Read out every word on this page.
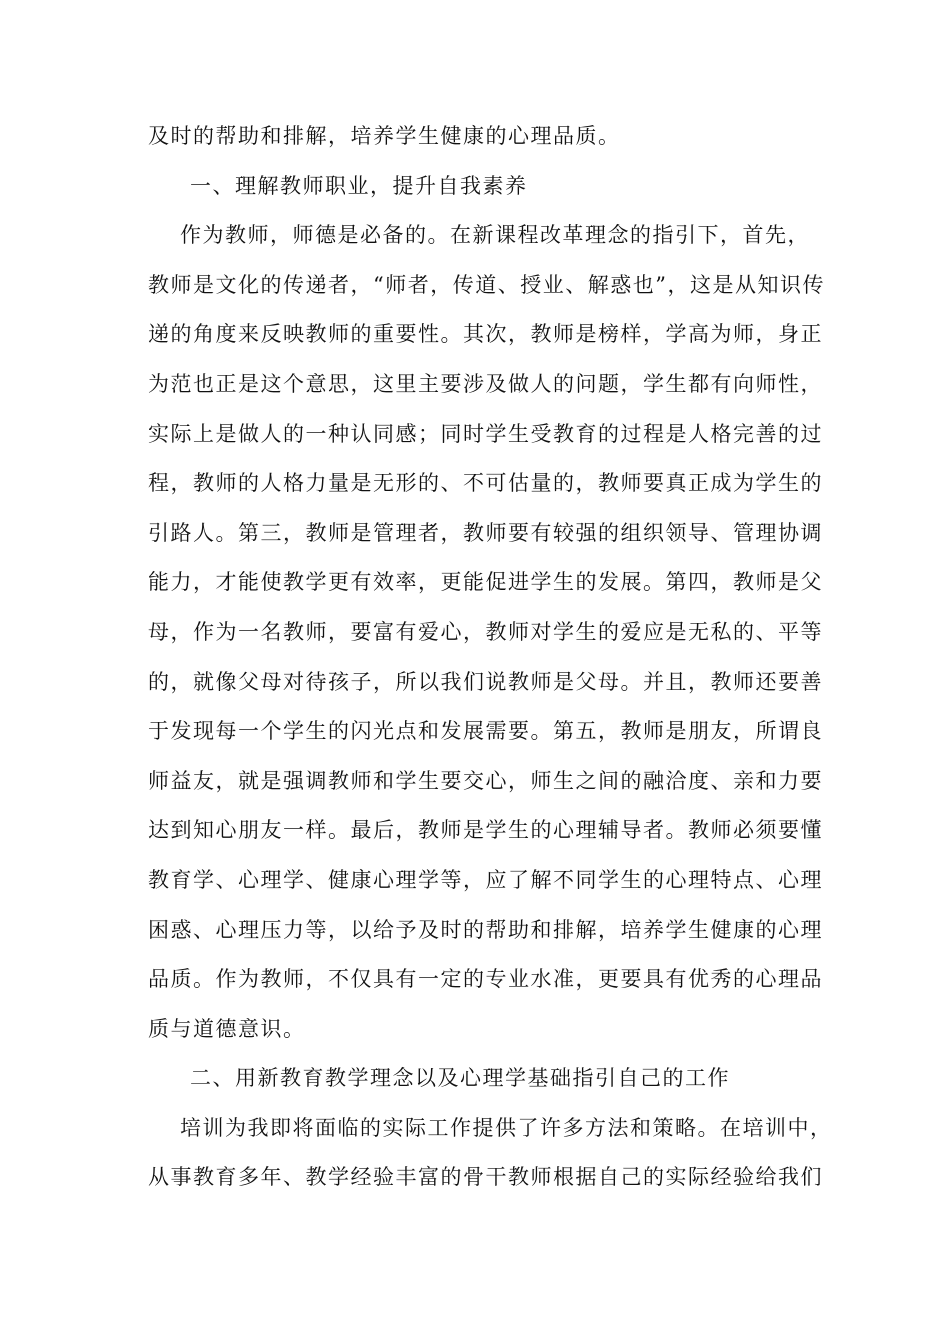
及时的帮助和排解，培养学生健康的心理品质。
一、理解教师职业，提升自我素养
作为教师，师德是必备的。在新课程改革理念的指引下，首先，
教师是文化的传递者，“师者，传道、授业、解惑也”，这是从知识传
递的角度来反映教师的重要性。其次，教师是榜样，学高为师，身正
为范也正是这个意思，这里主要涉及做人的问题，学生都有向师性，
实际上是做人的一种认同感；同时学生受教育的过程是人格完善的过
程，教师的人格力量是无形的、不可估量的，教师要真正成为学生的
引路人。第三，教师是管理者，教师要有较强的组织领导、管理协调
能力，才能使教学更有效率，更能促进学生的发展。第四，教师是父
母，作为一名教师，要富有爱心，教师对学生的爱应是无私的、平等
的，就像父母对待孩子，所以我们说教师是父母。并且，教师还要善
于发现每一个学生的闪光点和发展需要。第五，教师是朋友，所谓良
师益友，就是强调教师和学生要交心，师生之间的融洽度、亲和力要
达到知心朋友一样。最后，教师是学生的心理辅导者。教师必须要懂
教育学、心理学、健康心理学等，应了解不同学生的心理特点、心理
困惑、心理压力等，以给予及时的帮助和排解，培养学生健康的心理
品质。作为教师，不仅具有一定的专业水准，更要具有优秀的心理品
质与道德意识。
二、用新教育教学理念以及心理学基础指引自己的工作
培训为我即将面临的实际工作提供了许多方法和策略。在培训中，
从事教育多年、教学经验丰富的骨干教师根据自己的实际经验给我们
